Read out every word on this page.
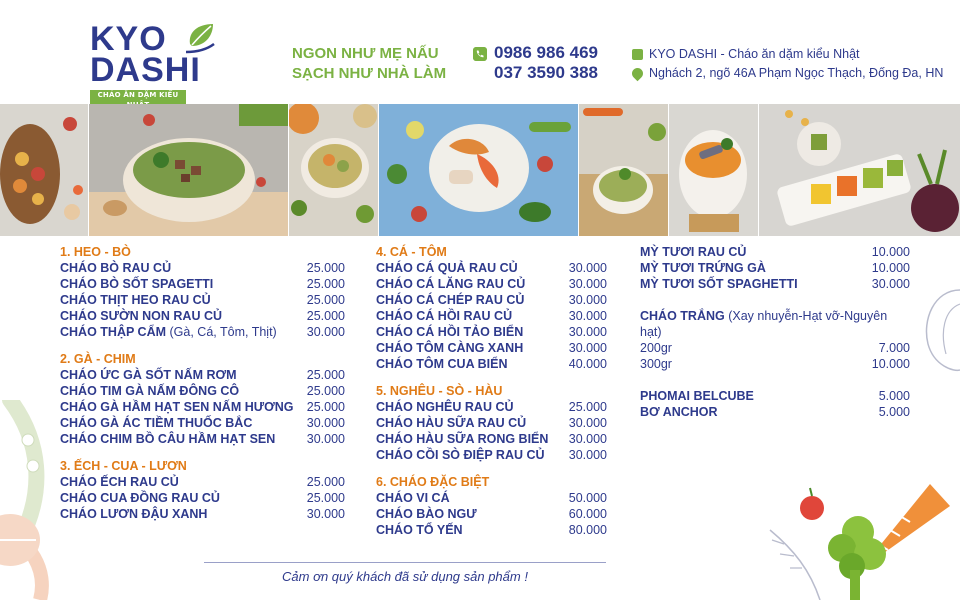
KYO
DASHI
CHÁO ĂN DẶM KIỂU
NGON NHƯ MẸ NẤU
SẠCH NHƯ NHÀ LÀM
0986 986 469
037 3590 388
KYO DASHI - Cháo ăn dặm kiểu Nhật
Nghách 2, ngõ 46A Phạm Ngọc Thạch, Đống Đa, HN
1. HEO - BÒ
CHÁO BÒ RAU CỦ	25.000
CHÁO BÒ SỐT SPAGETTI	25.000
CHÁO THỊT HEO RAU CỦ	25.000
CHÁO SƯỜN NON RAU CỦ	25.000
CHÁO THẬP CẨM (Gà, Cá, Tôm, Thịt) 30.000
2. GÀ - CHIM
CHÁO ỨC GÀ SỐT NẤM RƠM	25.000
CHÁO TIM GÀ NẤM ĐÔNG CÔ	25.000
CHÁO GÀ HẦM HẠT SEN NẤM HƯƠNG 25.000
CHÁO GÀ ÁC TIỀM THUỐC BẮC	30.000
CHÁO CHIM BỒ CÂU HẦM HẠT SEN	30.000
3. ẾCH - CUA - LƯƠN
CHÁO ẾCH RAU CỦ	25.000
CHÁO CUA ĐỒNG RAU CỦ	25.000
CHÁO LƯƠN ĐẬU XANH	30.000
4. CÁ - TÔM
CHÁO CÁ QUẢ RAU CỦ	30.000
CHÁO CÁ LĂNG RAU CỦ	30.000
CHÁO CÁ CHÉP RAU CỦ	30.000
CHÁO CÁ HỒI RAU CỦ	30.000
CHÁO CÁ HỒI TẢO BIỂN	30.000
CHÁO TÔM CÀNG XANH	30.000
CHÁO TÔM CUA BIỂN	40.000
5. NGHÊU - SÒ - HÀU
CHÁO NGHÊU RAU CỦ	25.000
CHÁO HÀU SỮA RAU CỦ	30.000
CHÁO HÀU SỮA RONG BIỂN 30.000
CHÁO CỒI SÒ ĐIỆP RAU CỦ 30.000
6. CHÁO ĐẶC BIỆT
CHÁO VI CÁ	50.000
CHÁO BÀO NGƯ	60.000
CHÁO TỔ YẾN	80.000
MỲ TƯƠI RAU CỦ	10.000
MỲ TƯƠI TRỨNG GÀ	10.000
MỲ TƯƠI SỐT SPAGHETTI	30.000
CHÁO TRẮNG (Xay nhuyễn-Hạt vỡ-Nguyên hạt)
200gr	7.000
300gr	10.000
PHOMAI BELCUBE	5.000
BƠ ANCHOR	5.000
Cảm ơn quý khách đã sử dụng sản phẩm !
